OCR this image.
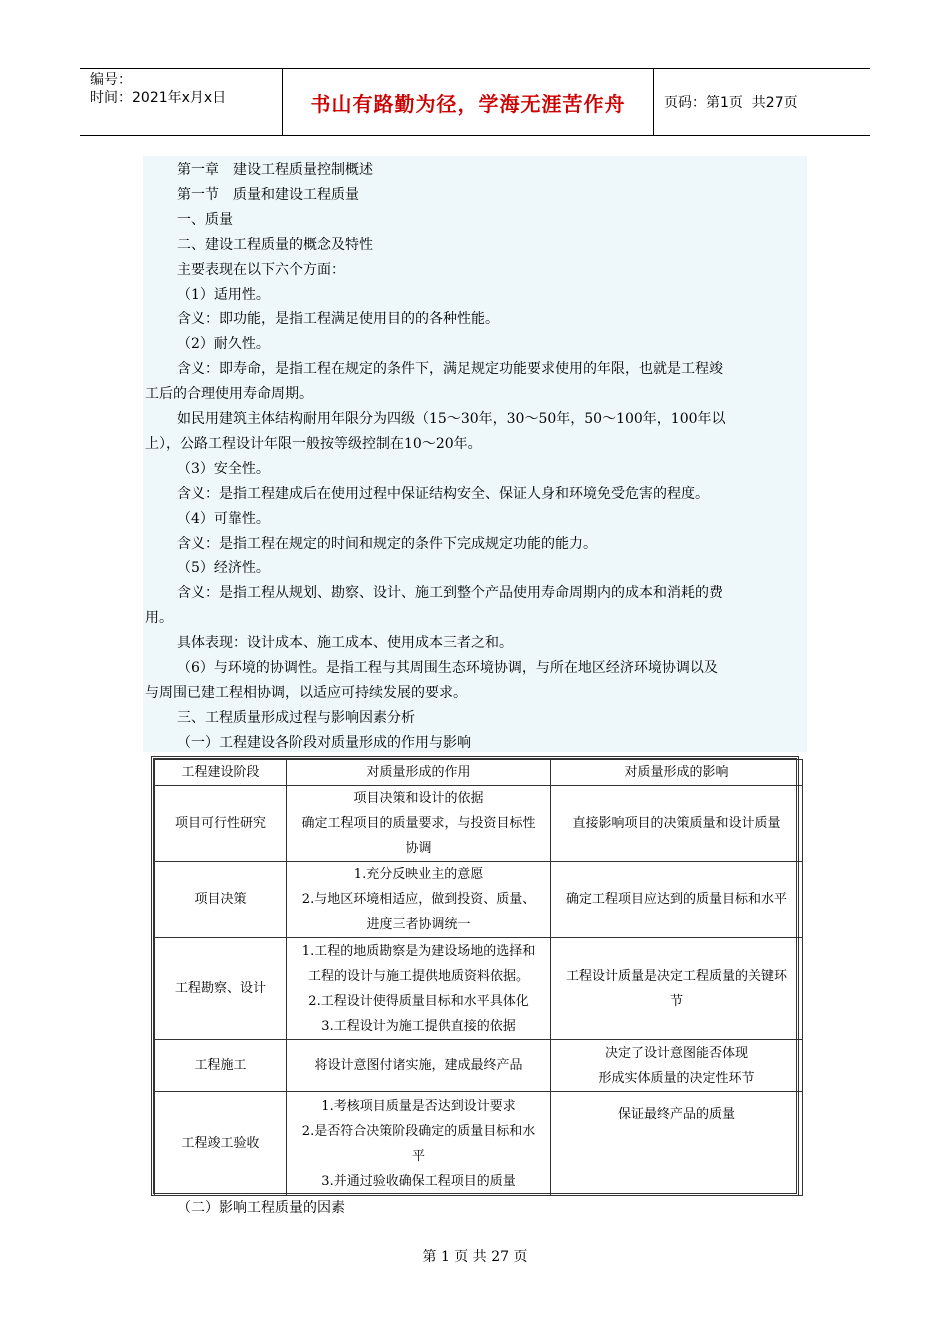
编号：
时间：2021年x月x日	书山有路勤为径，学海无涯苦作舟	页码：第1页  共27页

第一章　建设工程质量控制概述

第一节　质量和建设工程质量

一、质量

二、建设工程质量的概念及特性

主要表现在以下六个方面：

（1）适用性。

含义：即功能，是指工程满足使用目的的各种性能。

（2）耐久性。

含义：即寿命，是指工程在规定的条件下，满足规定功能要求使用的年限，也就是工程竣

工后的合理使用寿命周期。

如民用建筑主体结构耐用年限分为四级（15～30年，30～50年，50～100年，100年以

上），公路工程设计年限一般按等级控制在10～20年。

（3）安全性。

含义：是指工程建成后在使用过程中保证结构安全、保证人身和环境免受危害的程度。

（4）可靠性。

含义：是指工程在规定的时间和规定的条件下完成规定功能的能力。

（5）经济性。

含义：是指工程从规划、勘察、设计、施工到整个产品使用寿命周期内的成本和消耗的费

用。

具体表现：设计成本、施工成本、使用成本三者之和。

（6）与环境的协调性。是指工程与其周围生态环境协调，与所在地区经济环境协调以及

与周围已建工程相协调，以适应可持续发展的要求。

三、工程质量形成过程与影响因素分析

（一）工程建设各阶段对质量形成的作用与影响

工程建设阶段	对质量形成的作用	对质量形成的影响
项目可行性研究	项目决策和设计的依据
确定工程项目的质量要求，与投资目标性
协调	直接影响项目的决策质量和设计质量

项目决策	1.充分反映业主的意愿
2.与地区环境相适应，做到投资、质量、
进度三者协调统一	确定工程项目应达到的质量目标和水平

工程勘察、设计	1.工程的地质勘察是为建设场地的选择和
工程的设计与施工提供地质资料依据。
2.工程设计使得质量目标和水平具体化
3.工程设计为施工提供直接的依据	工程设计质量是决定工程质量的关键环
节

工程施工	将设计意图付诸实施，建成最终产品	决定了设计意图能否体现
形成实体质量的决定性环节

工程竣工验收	1.考核项目质量是否达到设计要求
2.是否符合决策阶段确定的质量目标和水
平
3.并通过验收确保工程项目的质量	保证最终产品的质量

（二）影响工程质量的因素

第 1 页 共 27 页
